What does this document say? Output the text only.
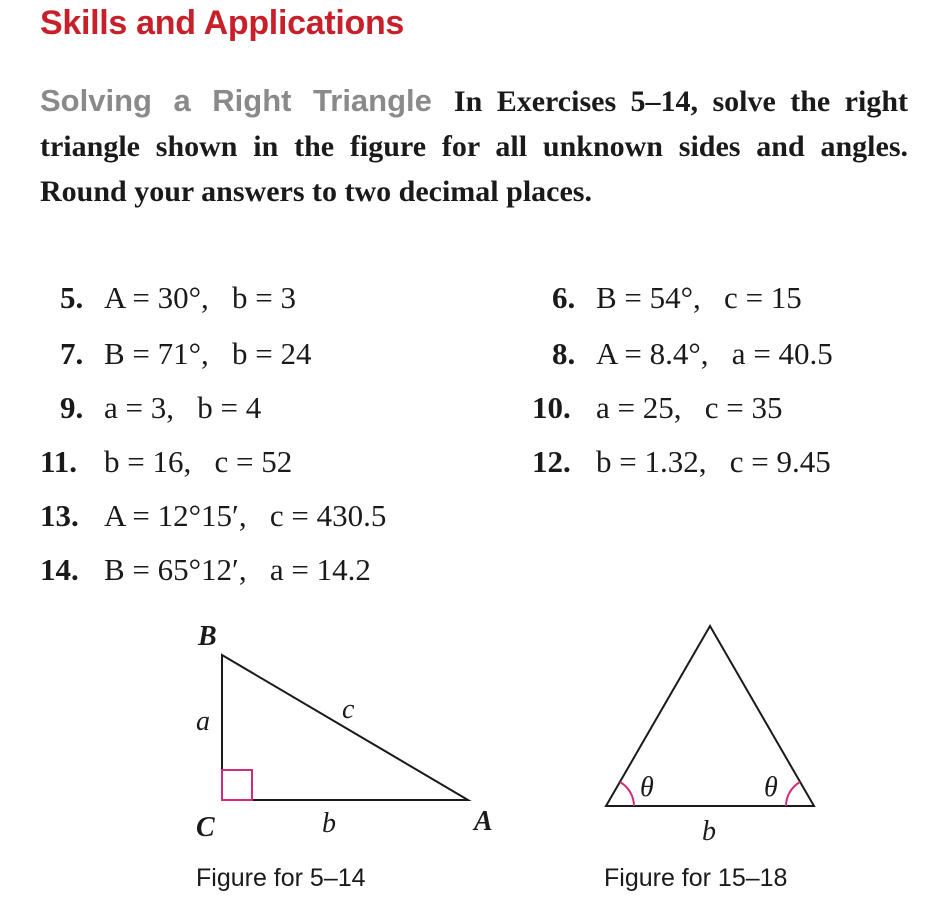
Skills and Applications
Solving a Right Triangle In Exercises 5–14, solve the right triangle shown in the figure for all unknown sides and angles. Round your answers to two decimal places.
5. A = 30°,   b = 3
7. B = 71°,   b = 24
9. a = 3,   b = 4
11. b = 16,   c = 52
13. A = 12°15′,   c = 430.5
14. B = 65°12′,   a = 14.2
6. B = 54°,   c = 15
8. A = 8.4°,   a = 40.5
10. a = 25,   c = 35
12. b = 1.32,   c = 9.45
B
C	A
a
b
c
θ	θ
b
Figure for 5–14	Figure for 15–18
